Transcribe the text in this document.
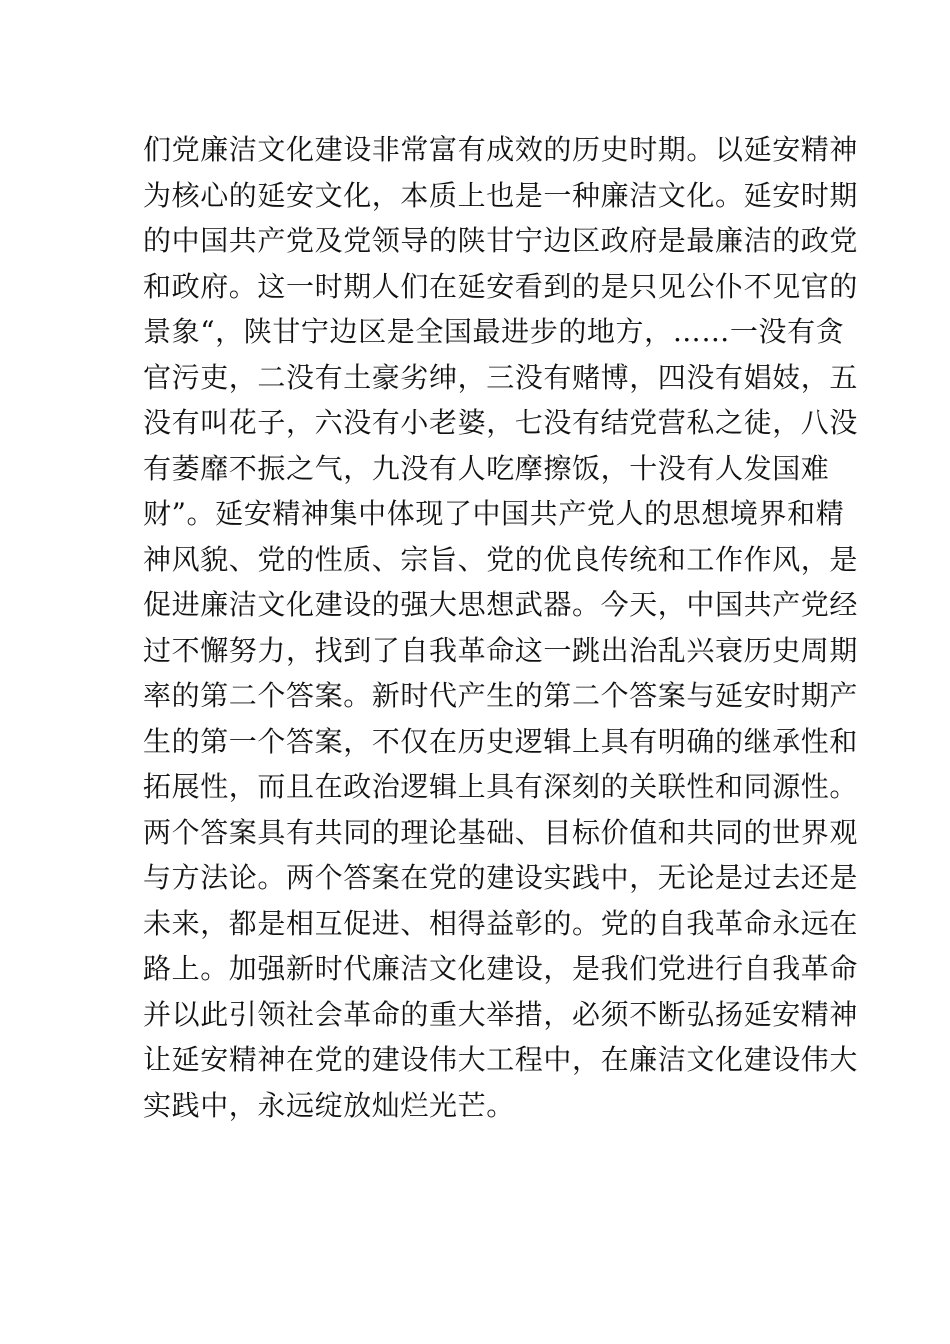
们党廉洁文化建设非常富有成效的历史时期。以延安精神
为核心的延安文化，本质上也是一种廉洁文化。延安时期
的中国共产党及党领导的陕甘宁边区政府是最廉洁的政党
和政府。这一时期人们在延安看到的是只见公仆不见官的
景象“，陕甘宁边区是全国最进步的地方，……一没有贪
官污吏，二没有土豪劣绅，三没有赌博，四没有娼妓，五
没有叫花子，六没有小老婆，七没有结党营私之徒，八没
有萎靡不振之气，九没有人吃摩擦饭，十没有人发国难
财”。延安精神集中体现了中国共产党人的思想境界和精
神风貌、党的性质、宗旨、党的优良传统和工作作风，是
促进廉洁文化建设的强大思想武器。今天，中国共产党经
过不懈努力，找到了自我革命这一跳出治乱兴衰历史周期
率的第二个答案。新时代产生的第二个答案与延安时期产
生的第一个答案，不仅在历史逻辑上具有明确的继承性和
拓展性，而且在政治逻辑上具有深刻的关联性和同源性。
两个答案具有共同的理论基础、目标价值和共同的世界观
与方法论。两个答案在党的建设实践中，无论是过去还是
未来，都是相互促进、相得益彰的。党的自我革命永远在
路上。加强新时代廉洁文化建设，是我们党进行自我革命
并以此引领社会革命的重大举措，必须不断弘扬延安精神
让延安精神在党的建设伟大工程中，在廉洁文化建设伟大
实践中，永远绽放灿烂光芒。
